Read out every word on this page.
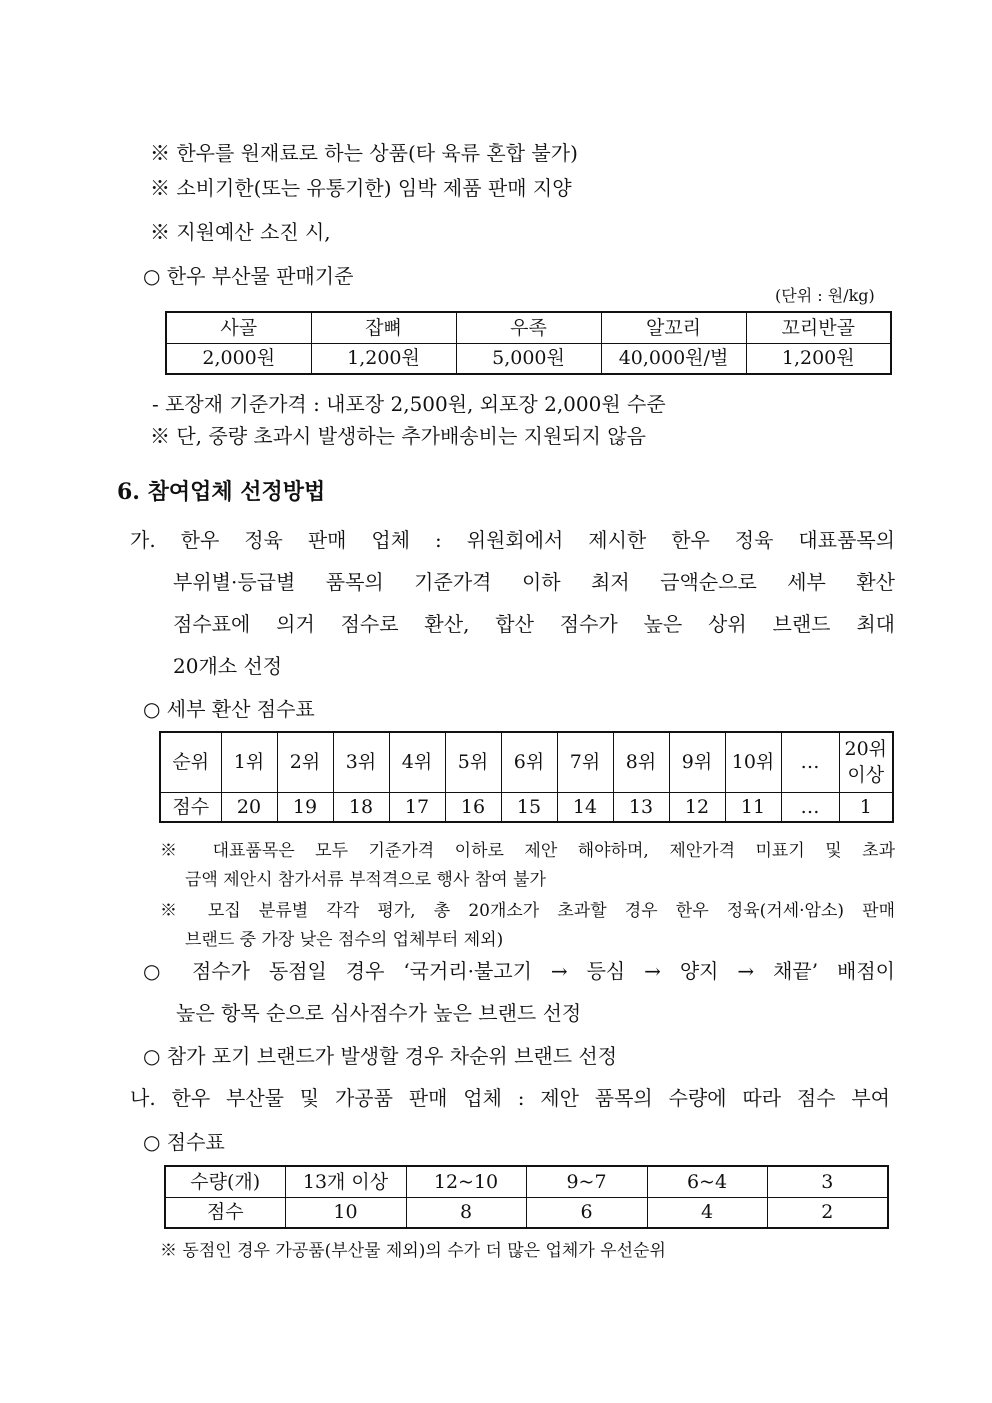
※ 한우를 원재료로 하는 상품(타 육류 혼합 불가)
※ 소비기한(또는 유통기한) 임박 제품 판매 지양
※ 지원예산 소진 시,
○ 한우 부산물 판매기준
(단위 : 원/kg)
사골	잡뼈	우족	알꼬리	꼬리반골
2,000원	1,200원	5,000원	40,000원/벌	1,200원
- 포장재 기준가격 : 내포장 2,500원, 외포장 2,000원 수준
※ 단, 중량 초과시 발생하는 추가배송비는 지원되지 않음
6. 참여업체 선정방법
가. 한우 정육 판매 업체 : 위원회에서 제시한 한우 정육 대표품목의
부위별·등급별 품목의 기준가격 이하 최저 금액순으로 세부 환산
점수표에 의거 점수로 환산, 합산 점수가 높은 상위 브랜드 최대
20개소 선정
○ 세부 환산 점수표
순위	1위	2위	3위	4위	5위	6위	7위	8위	9위	10위	…	20위
이상

점수	20	19	18	17	16	15	14	13	12	11	…	1
※ 대표품목은 모두 기준가격 이하로 제안 해야하며, 제안가격 미표기 및 초과
금액 제안시 참가서류 부적격으로 행사 참여 불가
※ 모집 분류별 각각 평가, 총 20개소가 초과할 경우 한우 정육(거세·암소) 판매
브랜드 중 가장 낮은 점수의 업체부터 제외)
○ 점수가 동점일 경우 ‘국거리·불고기 → 등심 → 양지 → 채끝’ 배점이
높은 항목 순으로 심사점수가 높은 브랜드 선정
○ 참가 포기 브랜드가 발생할 경우 차순위 브랜드 선정
나. 한우 부산물 및 가공품 판매 업체 : 제안 품목의 수량에 따라 점수 부여
○ 점수표
수량(개)	13개 이상	12~10	9~7	6~4	3
점수	10	8	6	4	2
※ 동점인 경우 가공품(부산물 제외)의 수가 더 많은 업체가 우선순위
